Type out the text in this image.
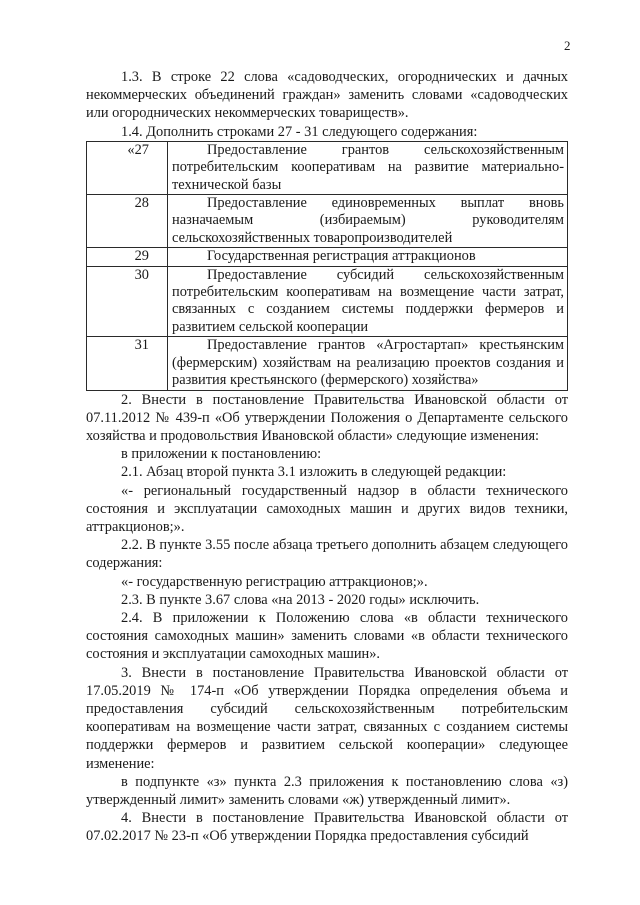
2

1.3. В строке 22 слова «садоводческих, огороднических и дачных некоммерческих объединений граждан» заменить словами «садоводческих или огороднических некоммерческих товариществ».

1.4. Дополнить строками 27 - 31 следующего содержания:

«27	Предоставление грантов сельскохозяйственным потребительским кооперативам на развитие материально-технической базы
28	Предоставление единовременных выплат вновь назначаемым (избираемым) руководителям сельскохозяйственных товаропроизводителей
29	Государственная регистрация аттракционов
30	Предоставление субсидий сельскохозяйственным потребительским кооперативам на возмещение части затрат, связанных с созданием системы поддержки фермеров и развитием сельской кооперации
31	Предоставление грантов «Агростартап» крестьянским (фермерским) хозяйствам на реализацию проектов создания и развития крестьянского (фермерского) хозяйства»

2. Внести в постановление Правительства Ивановской области от 07.11.2012 № 439-п «Об утверждении Положения о Департаменте сельского хозяйства и продовольствия Ивановской области» следующие изменения:

в приложении к постановлению:

2.1. Абзац второй пункта 3.1 изложить в следующей редакции:

«- региональный государственный надзор в области технического состояния и эксплуатации самоходных машин и других видов техники, аттракционов;».

2.2. В пункте 3.55 после абзаца третьего дополнить абзацем следующего содержания:

«- государственную регистрацию аттракционов;».

2.3. В пункте 3.67 слова «на 2013 - 2020 годы» исключить.

2.4. В приложении к Положению слова «в области технического состояния самоходных машин» заменить словами «в области технического состояния и эксплуатации самоходных машин».

3. Внести в постановление Правительства Ивановской области от 17.05.2019 № 174-п «Об утверждении Порядка определения объема и предоставления субсидий сельскохозяйственным потребительским кооперативам на возмещение части затрат, связанных с созданием системы поддержки фермеров и развитием сельской кооперации» следующее изменение:

в подпункте «з» пункта 2.3 приложения к постановлению слова «з) утвержденный лимит» заменить словами «ж) утвержденный лимит».

4. Внести в постановление Правительства Ивановской области от 07.02.2017 № 23-п «Об утверждении Порядка предоставления субсидий
